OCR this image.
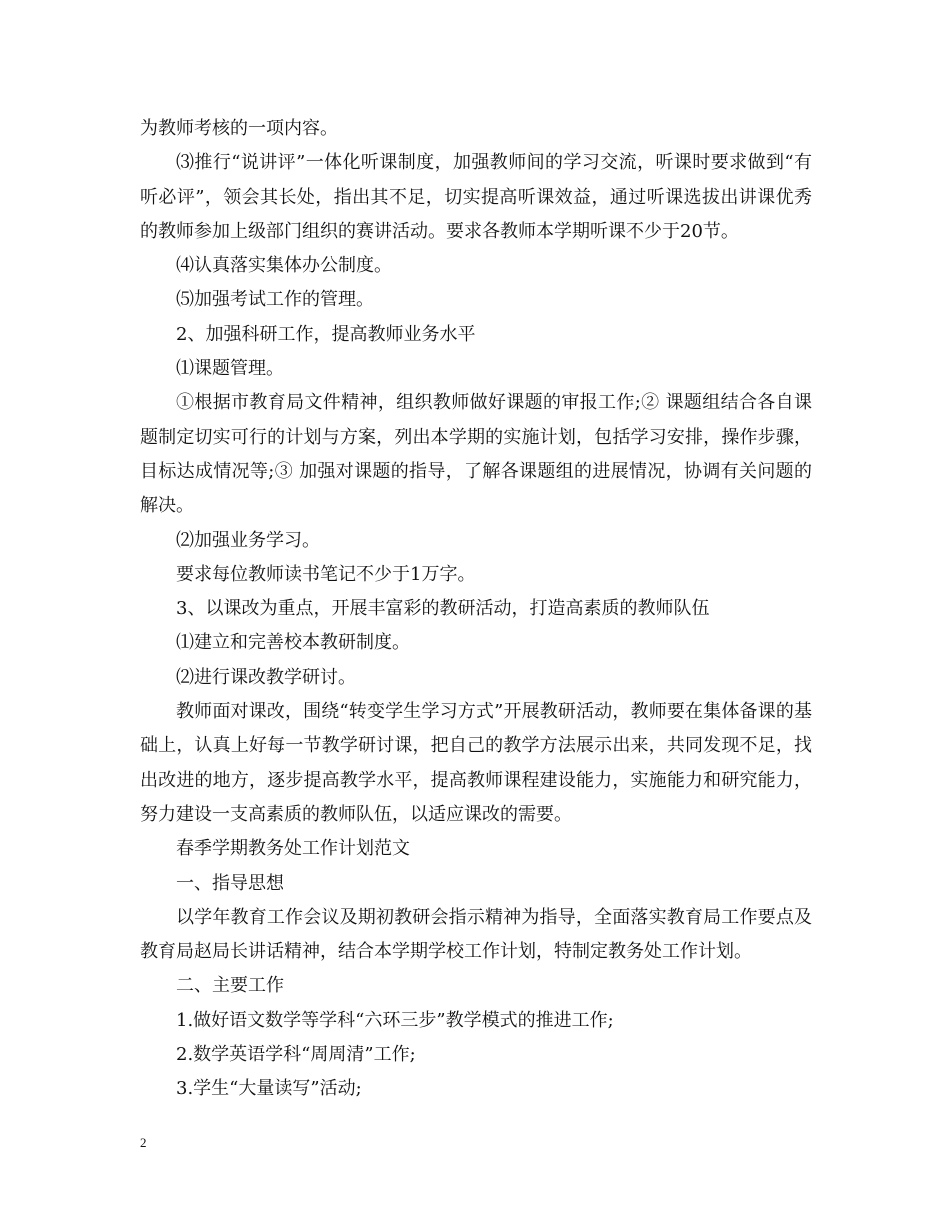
为教师考核的一项内容。

⑶推行“说讲评”一体化听课制度，加强教师间的学习交流，听课时要求做到“有听必评”，领会其长处，指出其不足，切实提高听课效益，通过听课选拔出讲课优秀的教师参加上级部门组织的赛讲活动。要求各教师本学期听课不少于20节。

⑷认真落实集体办公制度。

⑸加强考试工作的管理。

2、加强科研工作，提高教师业务水平

⑴课题管理。

①根据市教育局文件精神，组织教师做好课题的审报工作;② 课题组结合各自课题制定切实可行的计划与方案，列出本学期的实施计划，包括学习安排，操作步骤，目标达成情况等;③ 加强对课题的指导，了解各课题组的进展情况，协调有关问题的解决。

⑵加强业务学习。

要求每位教师读书笔记不少于1万字。

3、以课改为重点，开展丰富彩的教研活动，打造高素质的教师队伍

⑴建立和完善校本教研制度。

⑵进行课改教学研讨。

教师面对课改，围绕“转变学生学习方式”开展教研活动，教师要在集体备课的基础上，认真上好每一节教学研讨课，把自己的教学方法展示出来，共同发现不足，找出改进的地方，逐步提高教学水平，提高教师课程建设能力，实施能力和研究能力，努力建设一支高素质的教师队伍，以适应课改的需要。

春季学期教务处工作计划范文

一、指导思想

以学年教育工作会议及期初教研会指示精神为指导，全面落实教育局工作要点及教育局赵局长讲话精神，结合本学期学校工作计划，特制定教务处工作计划。

二、主要工作

1.做好语文数学等学科“六环三步”教学模式的推进工作;

2.数学英语学科“周周清”工作;

3.学生“大量读写”活动;

2
